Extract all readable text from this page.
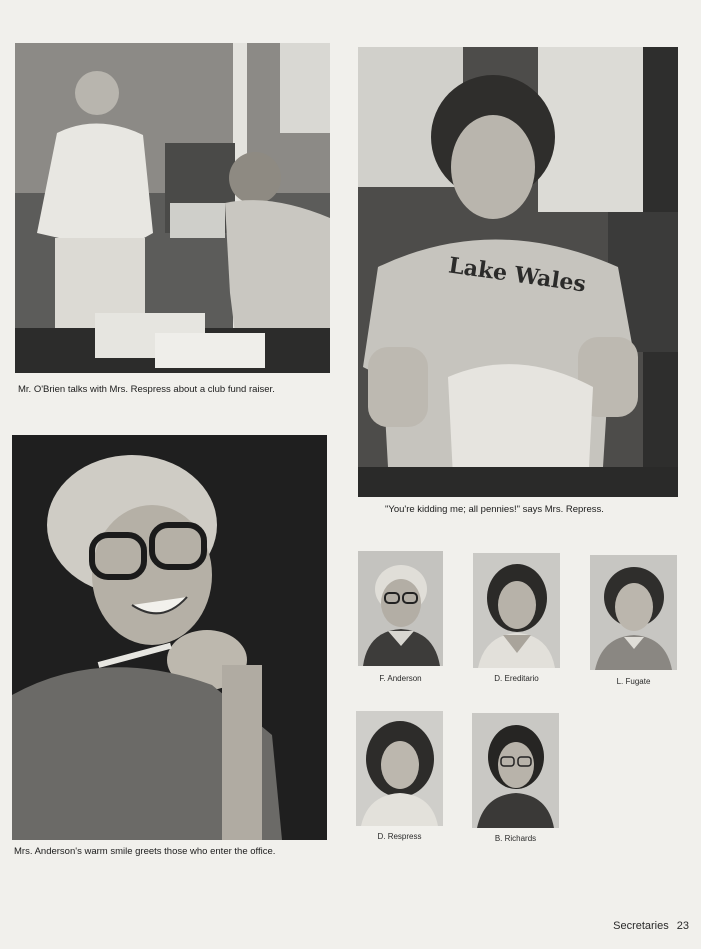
Mr. O'Brien talks with Mrs. Respress about a club fund raiser.
Lake Wales
"You're kidding me; all pennies!" says Mrs. Repress.
Mrs. Anderson's warm smile greets those who enter the office.
F. Anderson	D. Ereditario	L. Fugate
D. Respress	B. Richards
Secretaries 23
